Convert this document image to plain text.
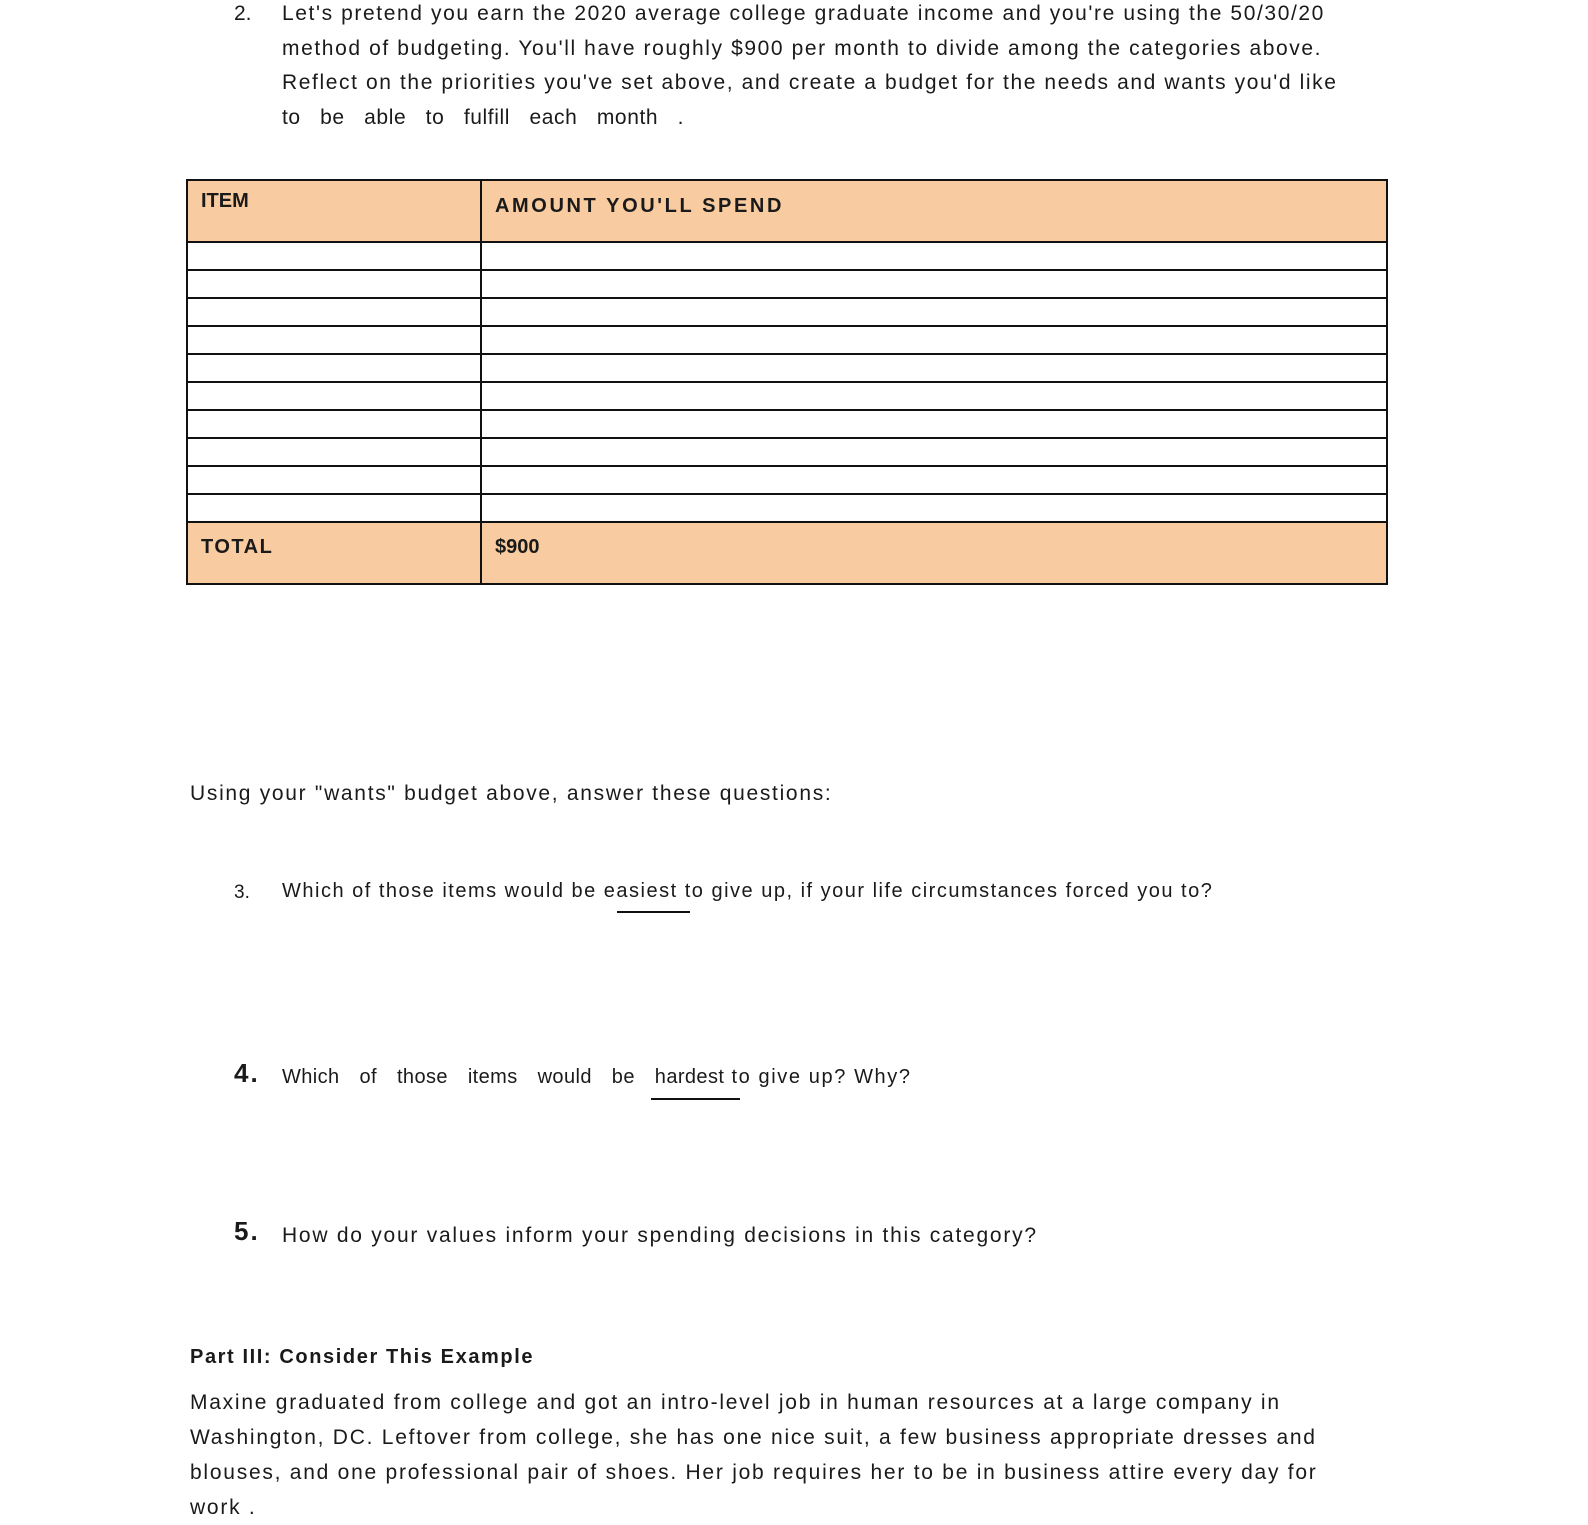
2. Let's pretend you earn the 2020 average college graduate income and you're using the 50/30/20
method of budgeting. You'll have roughly $900 per month to divide among the categories above.
Reflect on the priorities you've set above, and create a budget for the needs and wants you'd like
to be able to fulfill each month .
ITEM	AMOUNT YOU'LL SPEND

TOTAL	$900
Using your "wants" budget above, answer these questions:
3. Which of those items would be easiest to give up, if your life circumstances forced you to?
4. Which of those items would be hardest to give up? Why?
5. How do your values inform your spending decisions in this category?
Part III: Consider This Example
Maxine graduated from college and got an intro-level job in human resources at a large company in
Washington, DC. Leftover from college, she has one nice suit, a few business appropriate dresses and
blouses, and one professional pair of shoes. Her job requires her to be in business attire every day for
work .
